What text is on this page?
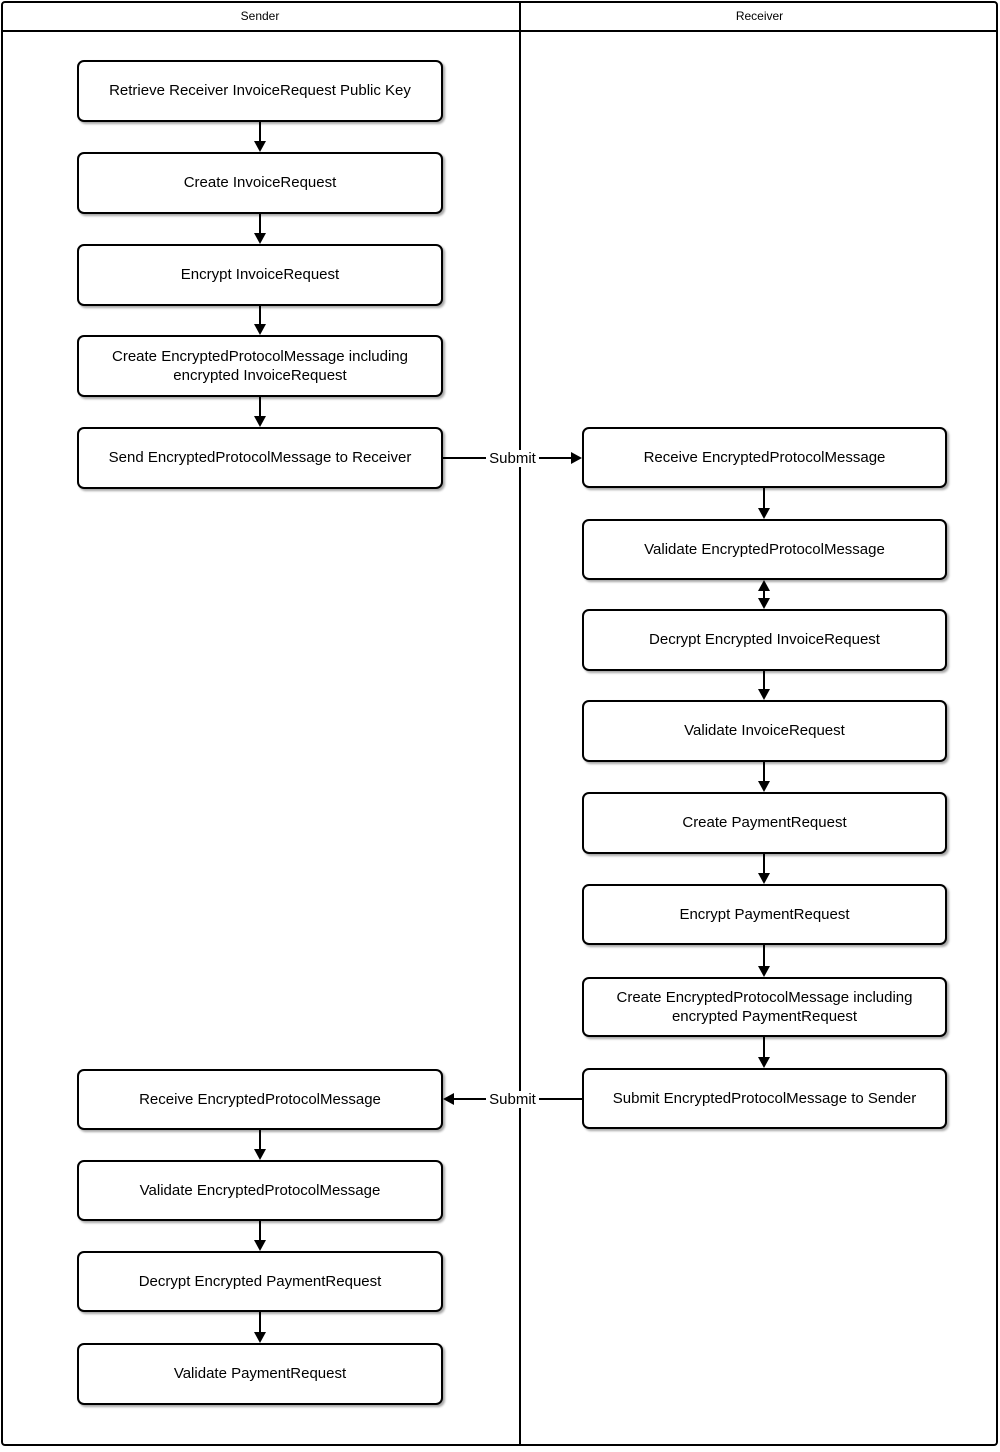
Sender	Receiver
Retrieve Receiver InvoiceRequest Public Key
Create InvoiceRequest
Encrypt InvoiceRequest
Create EncryptedProtocolMessage including encrypted InvoiceRequest
Send EncryptedProtocolMessage to Receiver
Receive EncryptedProtocolMessage
Validate EncryptedProtocolMessage
Decrypt Encrypted PaymentRequest
Validate PaymentRequest
Receive EncryptedProtocolMessage
Validate EncryptedProtocolMessage
Decrypt Encrypted InvoiceRequest
Validate InvoiceRequest
Create PaymentRequest
Encrypt PaymentRequest
Create EncryptedProtocolMessage including encrypted PaymentRequest
Submit EncryptedProtocolMessage to Sender
Submit
Submit
